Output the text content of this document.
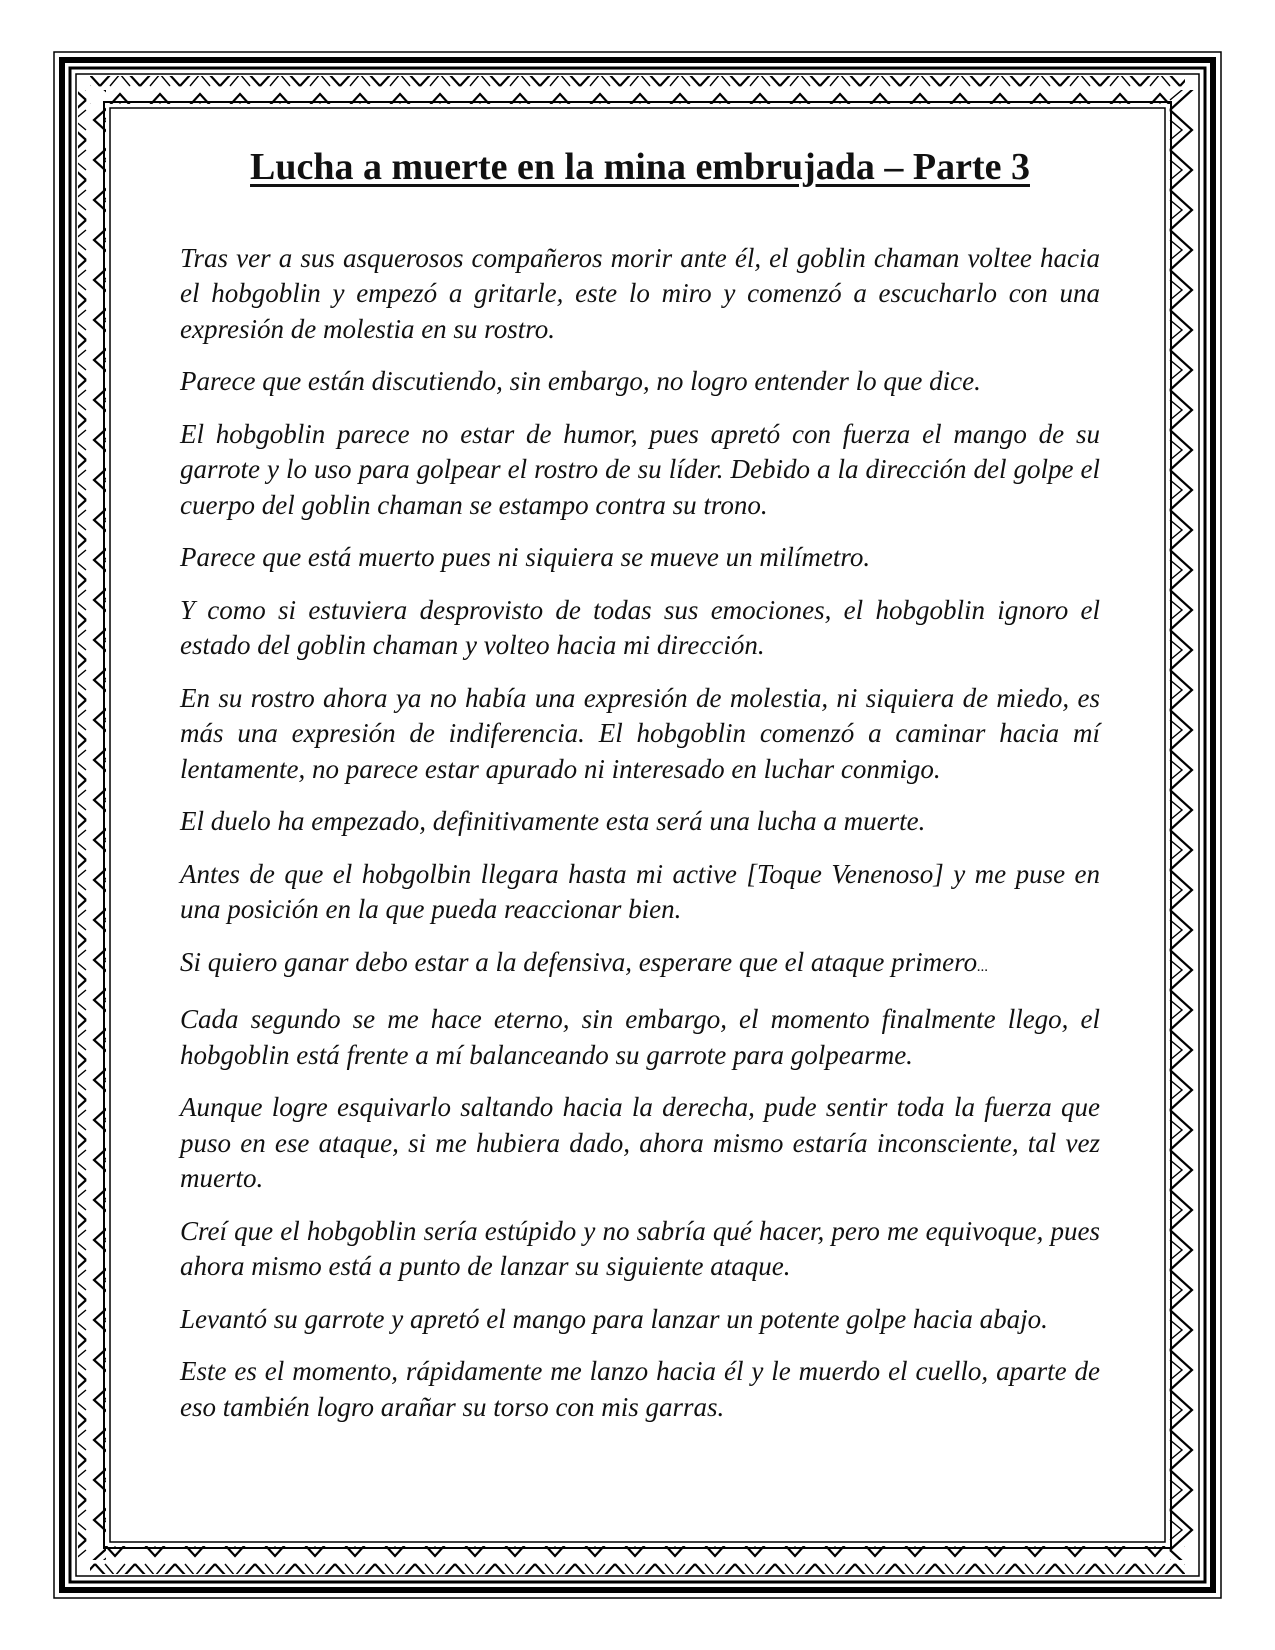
Lucha a muerte en la mina embrujada – Parte 3

Tras ver a sus asquerosos compañeros morir ante él, el goblin chaman voltee hacia el hobgoblin y empezó a gritarle, este lo miro y comenzó a escucharlo con una expresión de molestia en su rostro.

Parece que están discutiendo, sin embargo, no logro entender lo que dice.

El hobgoblin parece no estar de humor, pues apretó con fuerza el mango de su garrote y lo uso para golpear el rostro de su líder. Debido a la dirección del golpe el cuerpo del goblin chaman se estampo contra su trono.

Parece que está muerto pues ni siquiera se mueve un milímetro.

Y como si estuviera desprovisto de todas sus emociones, el hobgoblin ignoro el estado del goblin chaman y volteo hacia mi dirección.

En su rostro ahora ya no había una expresión de molestia, ni siquiera de miedo, es más una expresión de indiferencia. El hobgoblin comenzó a caminar hacia mí lentamente, no parece estar apurado ni interesado en luchar conmigo.

El duelo ha empezado, definitivamente esta será una lucha a muerte.

Antes de que el hobgolbin llegara hasta mi active [Toque Venenoso] y me puse en una posición en la que pueda reaccionar bien.

Si quiero ganar debo estar a la defensiva, esperare que el ataque primero...

Cada segundo se me hace eterno, sin embargo, el momento finalmente llego, el hobgoblin está frente a mí balanceando su garrote para golpearme.

Aunque logre esquivarlo saltando hacia la derecha, pude sentir toda la fuerza que puso en ese ataque, si me hubiera dado, ahora mismo estaría inconsciente, tal vez muerto.

Creí que el hobgoblin sería estúpido y no sabría qué hacer, pero me equivoque, pues ahora mismo está a punto de lanzar su siguiente ataque.

Levantó su garrote y apretó el mango para lanzar un potente golpe hacia abajo.

Este es el momento, rápidamente me lanzo hacia él y le muerdo el cuello, aparte de eso también logro arañar su torso con mis garras.
